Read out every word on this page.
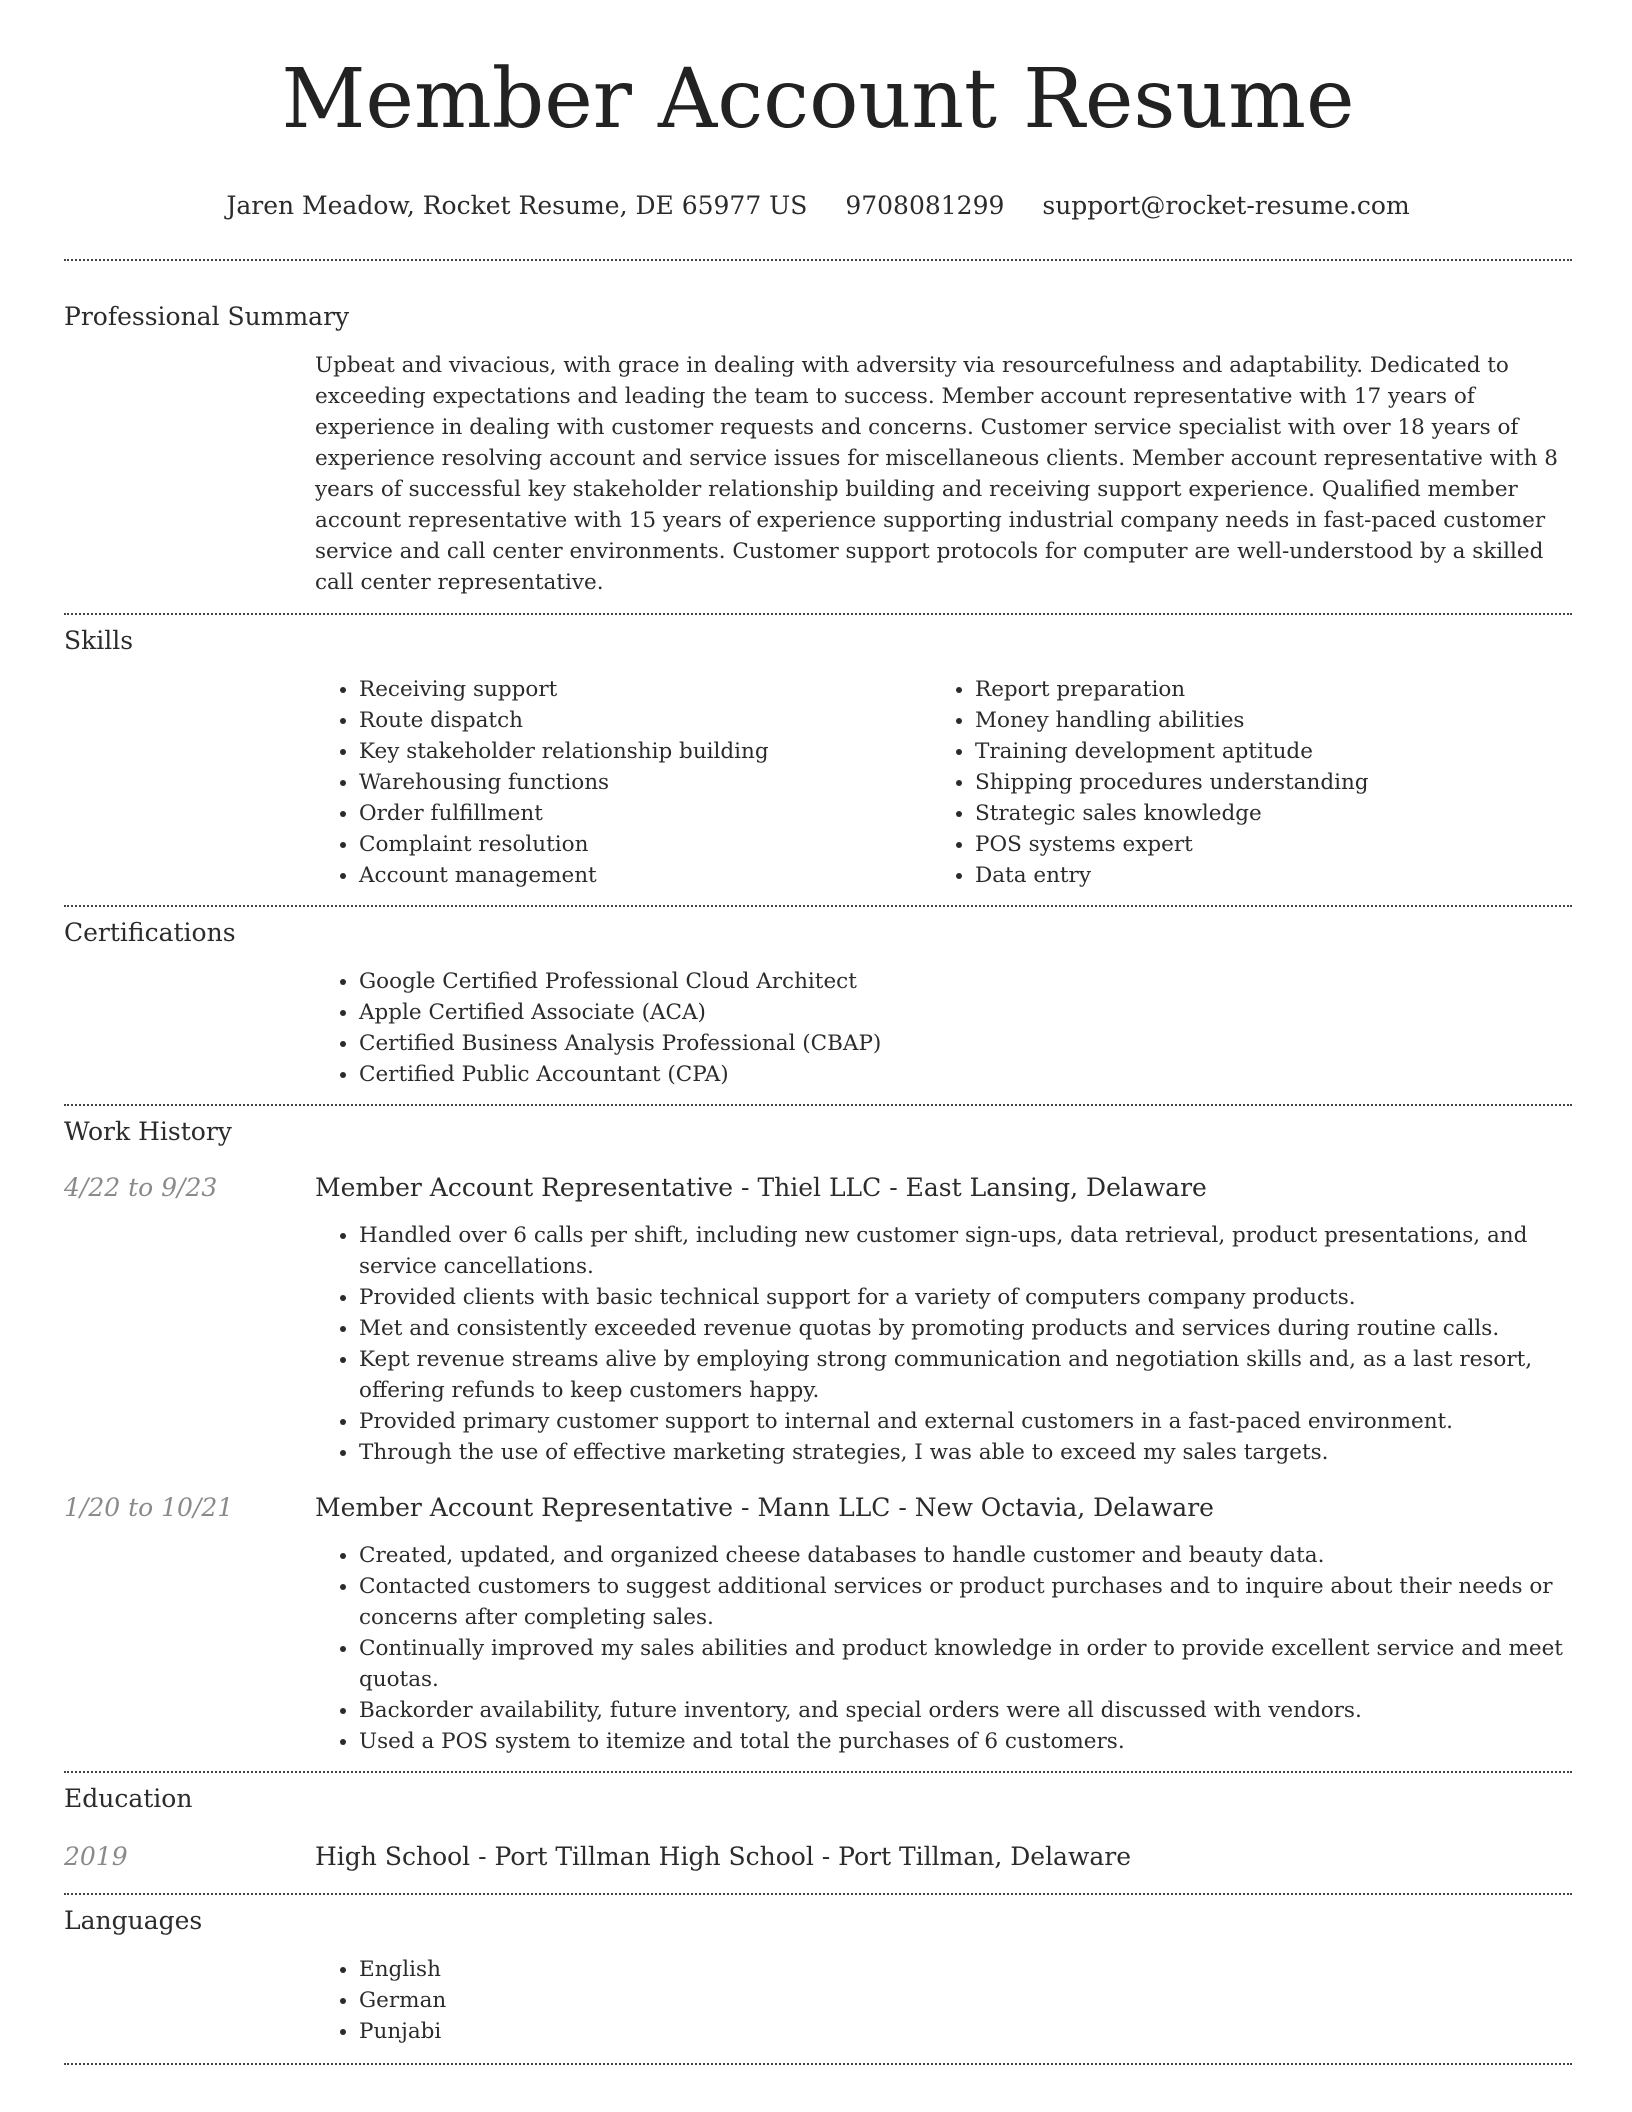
Member Account Resume
Jaren Meadow, Rocket Resume, DE 65977 US 9708081299 support@rocket-resume.com
Professional Summary

Upbeat and vivacious, with grace in dealing with adversity via resourcefulness and adaptability. Dedicated to exceeding expectations and leading the team to success. Member account representative with 17 years of experience in dealing with customer requests and concerns. Customer service specialist with over 18 years of experience resolving account and service issues for miscellaneous clients. Member account representative with 8 years of successful key stakeholder relationship building and receiving support experience. Qualified member account representative with 15 years of experience supporting industrial company needs in fast-paced customer service and call center environments. Customer support protocols for computer are well-understood by a skilled call center representative.

Skills
• Receiving support
• Route dispatch
• Key stakeholder relationship building
• Warehousing functions
• Order fulfillment
• Complaint resolution
• Account management
• Report preparation
• Money handling abilities
• Training development aptitude
• Shipping procedures understanding
• Strategic sales knowledge
• POS systems expert
• Data entry
Certifications
• Google Certified Professional Cloud Architect
• Apple Certified Associate (ACA)
• Certified Business Analysis Professional (CBAP)
• Certified Public Accountant (CPA)
Work History
4/22 to 9/23	Member Account Representative - Thiel LLC - East Lansing, Delaware
• Handled over 6 calls per shift, including new customer sign-ups, data retrieval, product presentations, and service cancellations.
• Provided clients with basic technical support for a variety of computers company products.
• Met and consistently exceeded revenue quotas by promoting products and services during routine calls.
• Kept revenue streams alive by employing strong communication and negotiation skills and, as a last resort, offering refunds to keep customers happy.
• Provided primary customer support to internal and external customers in a fast-paced environment.
• Through the use of effective marketing strategies, I was able to exceed my sales targets.
1/20 to 10/21	Member Account Representative - Mann LLC - New Octavia, Delaware
• Created, updated, and organized cheese databases to handle customer and beauty data.
• Contacted customers to suggest additional services or product purchases and to inquire about their needs or concerns after completing sales.
• Continually improved my sales abilities and product knowledge in order to provide excellent service and meet quotas.
• Backorder availability, future inventory, and special orders were all discussed with vendors.
• Used a POS system to itemize and total the purchases of 6 customers.
Education
2019	High School - Port Tillman High School - Port Tillman, Delaware
Languages
• English
• German
• Punjabi
